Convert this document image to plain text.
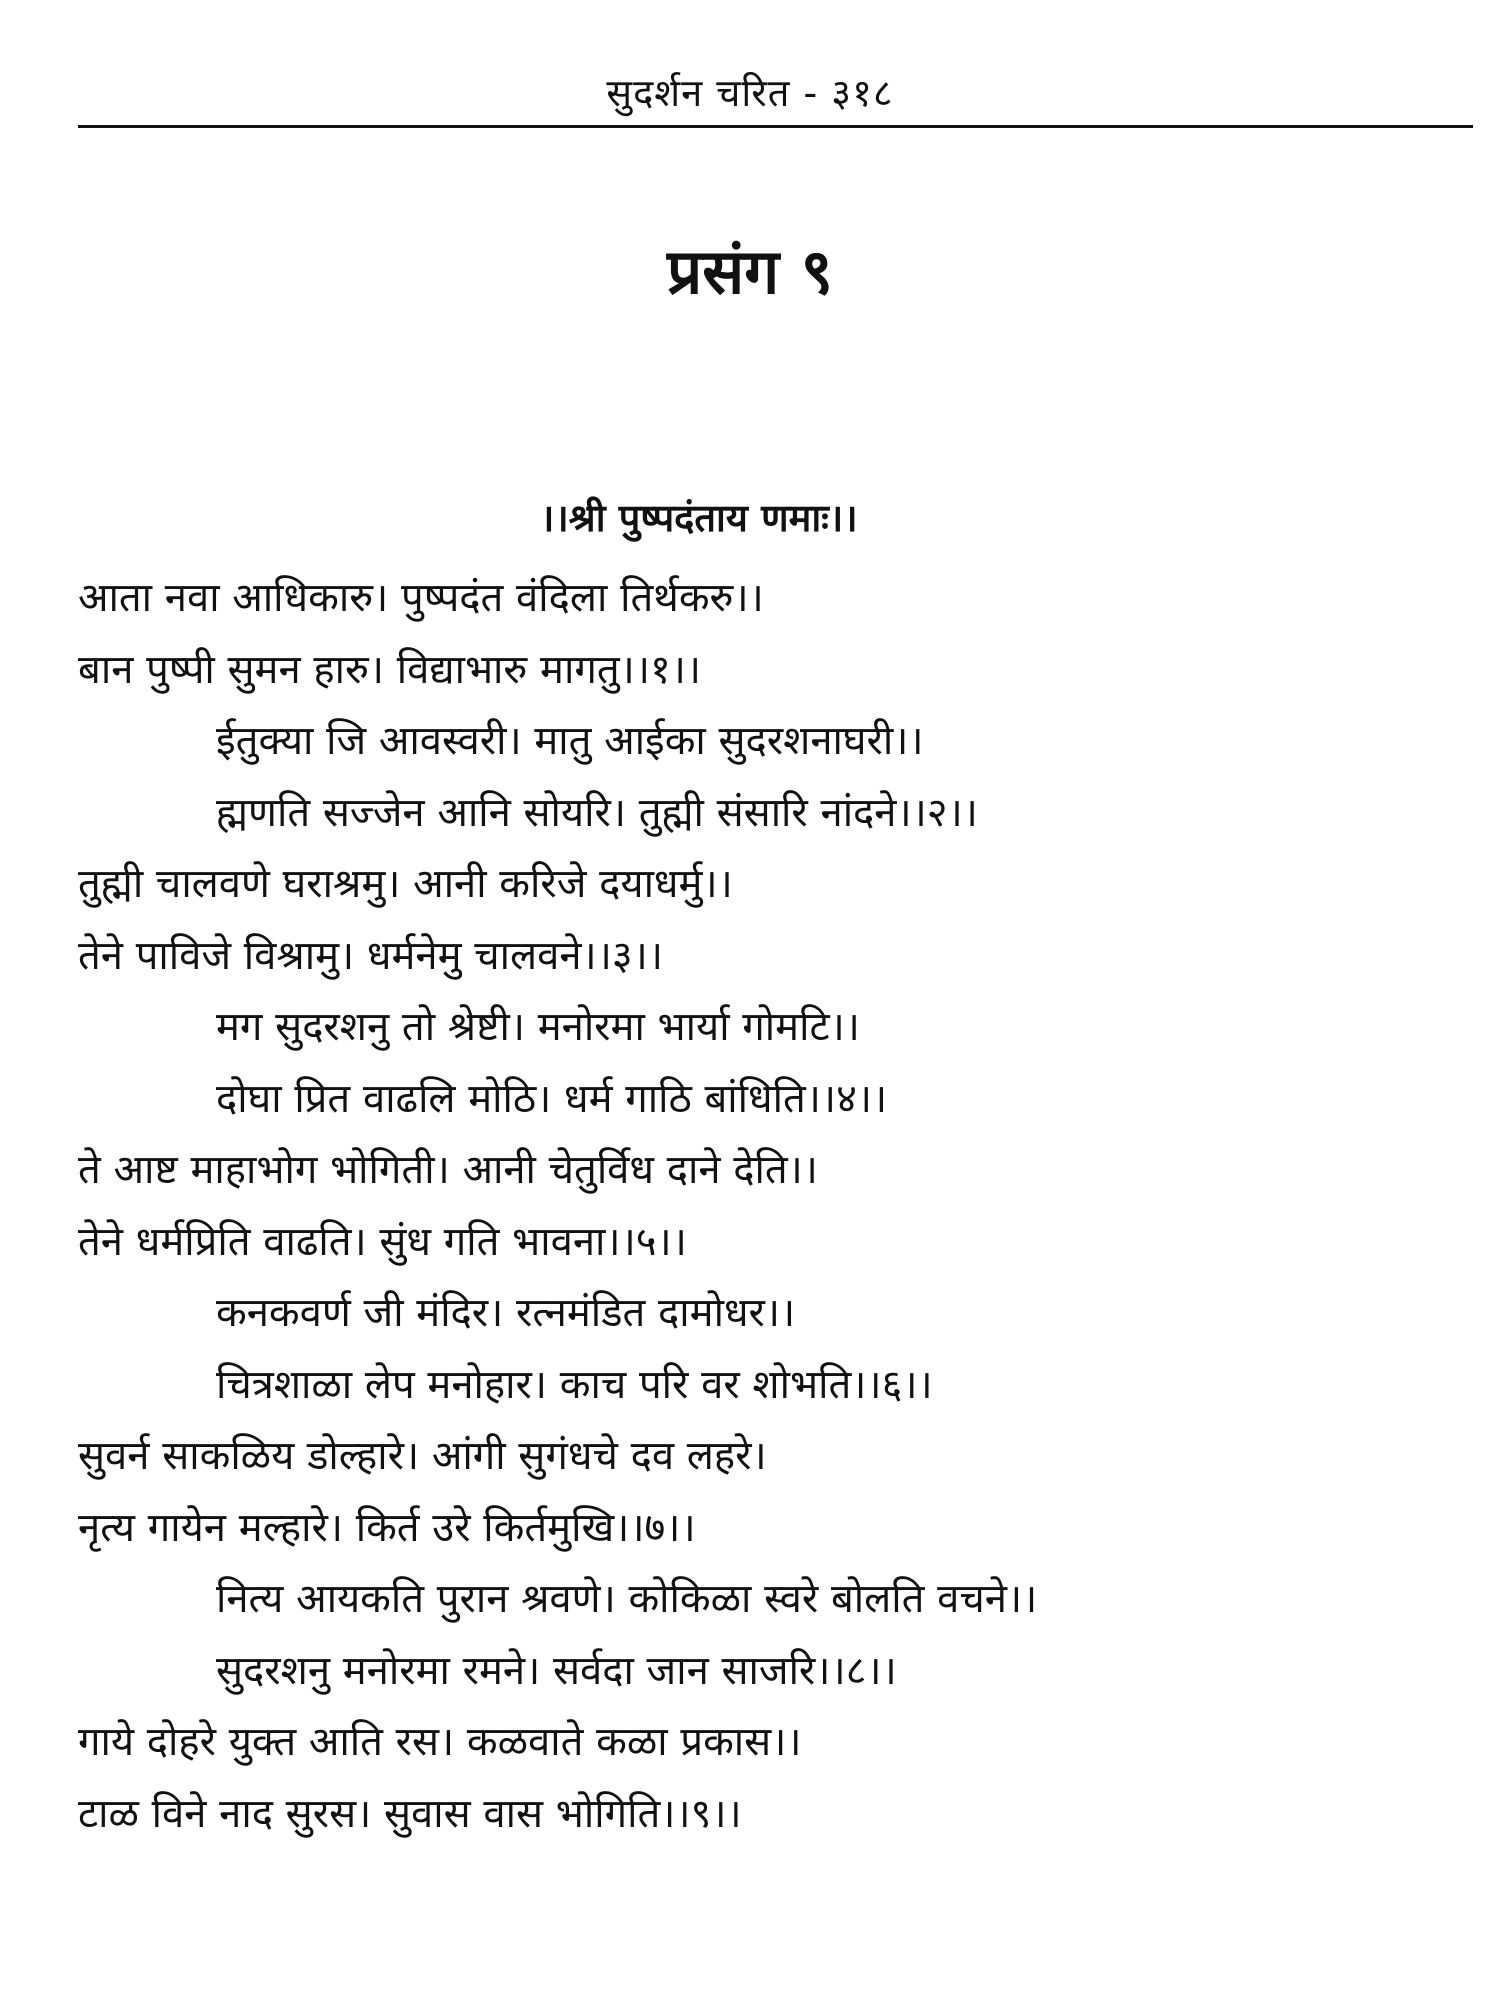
सुदर्शन चरित - ३१८
प्रसंग ९
।।श्री पुष्पदंताय णमाः।।
आता नवा आधिकारु। पुष्पदंत वंदिला तिर्थकरु।।
बान पुष्पी सुमन हारु। विद्याभारु मागतु।।१।।
ईतुक्या जि आवस्वरी। मातु आईका सुदरशनाघरी।।
ह्मणति सज्जेन आनि सोयरि। तुह्मी संसारि नांदने।।२।।
तुह्मी चालवणे घराश्रमु। आनी करिजे दयाधर्मु।।
तेने पाविजे विश्रामु। धर्मनेमु चालवने।।३।।
मग सुदरशनु तो श्रेष्टी। मनोरमा भार्या गोमटि।।
दोघा प्रित वाढलि मोठि। धर्म गाठि बांधिति।।४।।
ते आष्ट माहाभोग भोगिती। आनी चेतुर्विध दाने देति।।
तेने धर्मप्रिति वाढति। सुंध गति भावना।।५।।
कनकवर्ण जी मंदिर। रत्नमंडित दामोधर।।
चित्रशाळा लेप मनोहार। काच परि वर शोभति।।६।।
सुवर्न साकळिय डोल्हारे। आंगी सुगंधचे दव लहरे।
नृत्य गायेन मल्हारे। किर्त उरे किर्तमुखि।।७।।
नित्य आयकति पुरान श्रवणे। कोकिळा स्वरे बोलति वचने।।
सुदरशनु मनोरमा रमने। सर्वदा जान साजरि।।८।।
गाये दोहरे युक्त आति रस। कळवाते कळा प्रकास।।
टाळ विने नाद सुरस। सुवास वास भोगिति।।९।।
